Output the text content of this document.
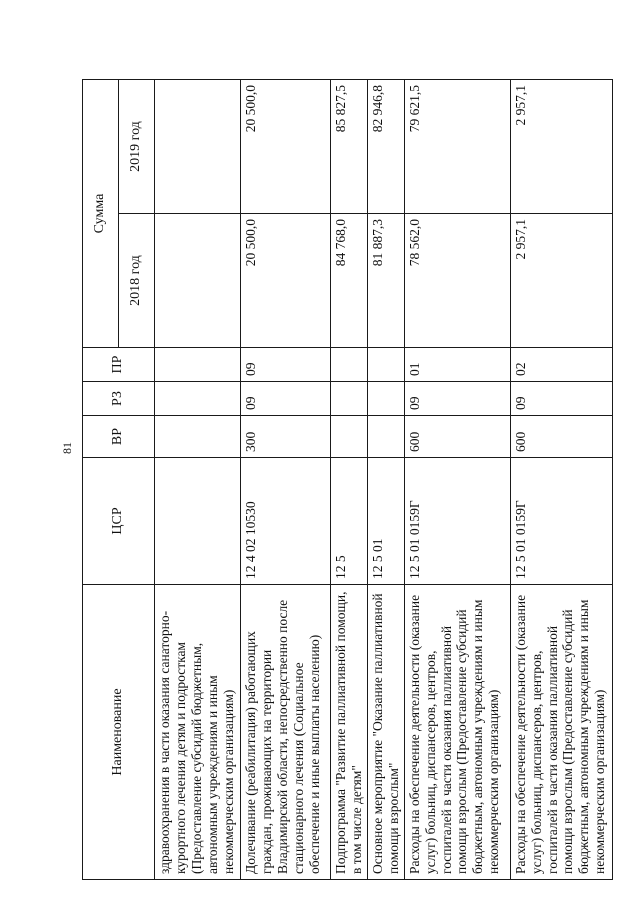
81
Наименование	ЦСР	ВР	РЗ	ПР	Сумма	
					2018 год	2019 год
здравоохранения в части оказания санаторно-курортного лечения детям и подросткам (Предоставление субсидий бюджетным, автономным учреждениям и иным некоммерческим организациям)						
Долечивание (реабилитация) работающих граждан, проживающих на территории Владимирской области, непосредственно после стационарного лечения (Социальное обеспечение и иные выплаты населению)	12 4 02 10530	300	09	09	20 500,0	20 500,0
Подпрограмма "Развитие паллиативной помощи, в том числе детям"	12 5				84 768,0	85 827,5
Основное мероприятие "Оказание паллиативной помощи взрослым"	12 5 01				81 887,3	82 946,8
Расходы на обеспечение деятельности (оказание услуг) больниц, диспансеров, центров, госпиталей в части оказания паллиативной помощи взрослым (Предоставление субсидий бюджетным, автономным учреждениям и иным некоммерческим организациям)	12 5 01 0159Г	600	09	01	78 562,0	79 621,5
Расходы на обеспечение деятельности (оказание услуг) больниц, диспансеров, центров, госпиталей в части оказания паллиативной помощи взрослым (Предоставление субсидий бюджетным, автономным учреждениям и иным некоммерческим организациям)	12 5 01 0159Г	600	09	02	2 957,1	2 957,1
